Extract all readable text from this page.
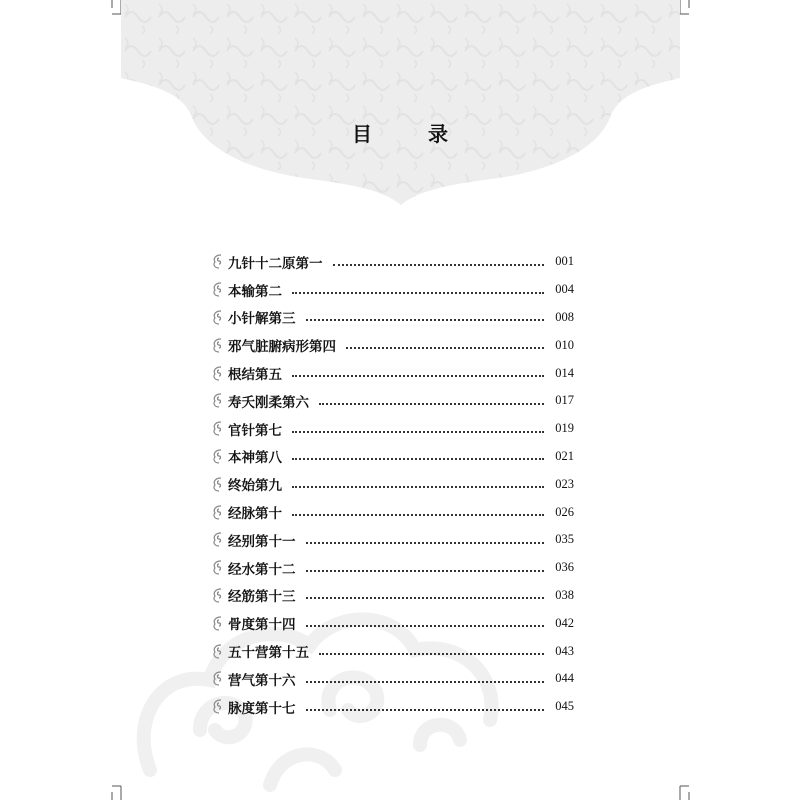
目　录
九针十二原第一	001
本输第二	004
小针解第三	008
邪气脏腑病形第四	010
根结第五	014
寿夭刚柔第六	017
官针第七	019
本神第八	021
终始第九	023
经脉第十	026
经别第十一	035
经水第十二	036
经筋第十三	038
骨度第十四	042
五十营第十五	043
营气第十六	044
脉度第十七	045
